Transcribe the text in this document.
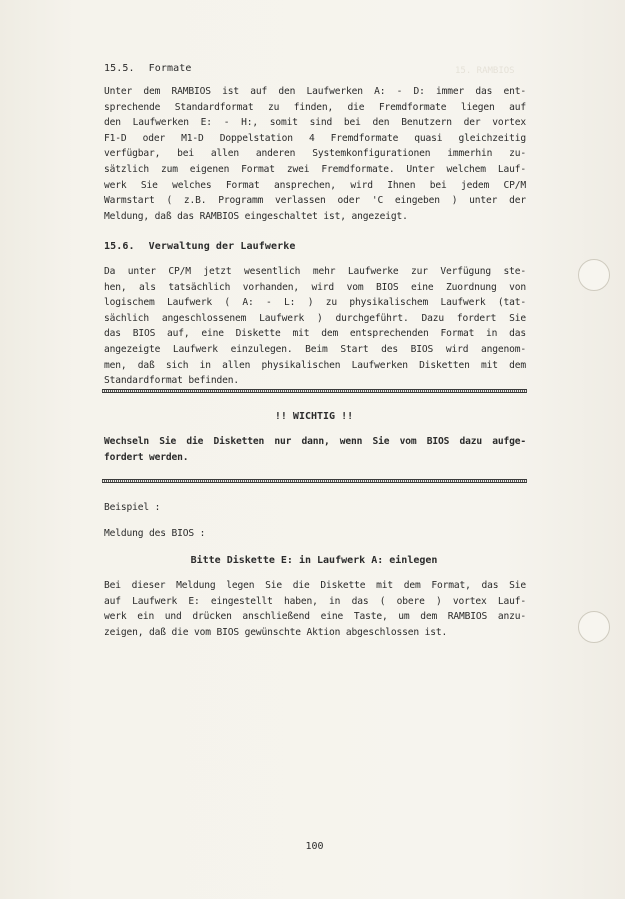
15. RAMBIOS
15.5. Formate
Unter dem RAMBIOS ist auf den Laufwerken A: - D: immer das ent-
sprechende Standardformat zu finden, die Fremdformate liegen auf
den Laufwerken E: - H:, somit sind bei den Benutzern der vortex
F1-D oder M1-D Doppelstation 4 Fremdformate quasi gleichzeitig
verfügbar, bei allen anderen Systemkonfigurationen immerhin zu-
sätzlich zum eigenen Format zwei Fremdformate. Unter welchem Lauf-
werk Sie welches Format ansprechen, wird Ihnen bei jedem CP/M
Warmstart ( z.B. Programm verlassen oder 'C eingeben ) unter der
Meldung, daß das RAMBIOS eingeschaltet ist, angezeigt.
15.6. Verwaltung der Laufwerke
Da unter CP/M jetzt wesentlich mehr Laufwerke zur Verfügung ste-
hen, als tatsächlich vorhanden, wird vom BIOS eine Zuordnung von
logischem Laufwerk ( A: - L: ) zu physikalischem Laufwerk (tat-
sächlich angeschlossenem Laufwerk ) durchgeführt. Dazu fordert Sie
das BIOS auf, eine Diskette mit dem entsprechenden Format in das
angezeigte Laufwerk einzulegen. Beim Start des BIOS wird angenom-
men, daß sich in allen physikalischen Laufwerken Disketten mit dem
Standardformat befinden.
!! WICHTIG !!
Wechseln Sie die Disketten nur dann, wenn Sie vom BIOS dazu aufge-
fordert werden.
Beispiel :
Meldung des BIOS :
Bitte Diskette E: in Laufwerk A: einlegen
Bei dieser Meldung legen Sie die Diskette mit dem Format, das Sie
auf Laufwerk E: eingestellt haben, in das ( obere ) vortex Lauf-
werk ein und drücken anschließend eine Taste, um dem RAMBIOS anzu-
zeigen, daß die vom BIOS gewünschte Aktion abgeschlossen ist.
100
